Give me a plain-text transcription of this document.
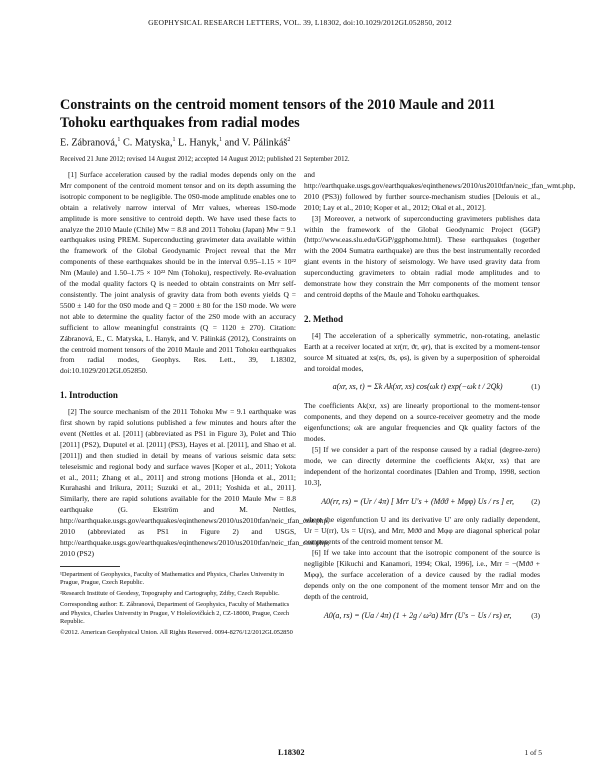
GEOPHYSICAL RESEARCH LETTERS, VOL. 39, L18302, doi:10.1029/2012GL052850, 2012
Constraints on the centroid moment tensors of the 2010 Maule and 2011 Tohoku earthquakes from radial modes
E. Zábranová,$^1$ C. Matyska,$^1$ L. Hanyk,$^1$ and V. Pálinkáš$^2$
Received 21 June 2012; revised 14 August 2012; accepted 14 August 2012; published 21 September 2012.

[1] Surface acceleration caused by the radial modes depends only on the Mrr component of the centroid moment tensor and on its depth assuming the isotropic component to be negligible. The 0S0-mode amplitude enables one to obtain a relatively narrow interval of Mrr values, whereas 1S0-mode amplitude is more sensitive to centroid depth. We have used these facts to analyze the 2010 Maule (Chile) Mw = 8.8 and 2011 Tohoku (Japan) Mw = 9.1 earthquakes using PREM. Superconducting gravimeter data available within the framework of the Global Geodynamic Project reveal that the Mrr components of these earthquakes should be in the interval 0.95–1.15 × 10²² Nm (Maule) and 1.50–1.75 × 10²² Nm (Tohoku), respectively. Re-evaluation of the modal quality factors Q is needed to obtain constraints on Mrr self-consistently. The joint analysis of gravity data from both events yields Q = 5500 ± 140 for the 0S0 mode and Q = 2000 ± 80 for the 1S0 mode. We were not able to determine the quality factor of the 2S0 mode with an accuracy sufficient to allow meaningful constraints (Q = 1120 ± 270). Citation: Zábranová, E., C. Matyska, L. Hanyk, and V. Pálinkáš (2012), Constraints on the centroid moment tensors of the 2010 Maule and 2011 Tohoku earthquakes from radial modes, Geophys. Res. Lett., 39, L18302, doi:10.1029/2012GL052850.

1. Introduction

[2] The source mechanism of the 2011 Tohoku Mw = 9.1 earthquake was first shown by rapid solutions published a few minutes and hours after the event (Nettles et al. [2011] (abbreviated as PS1 in Figure 3), Polet and Thio [2011] (PS2), Duputel et al. [2011] (PS3), Hayes et al. [2011], and Shao et al. [2011]) and then studied in detail by means of various seismic data sets: teleseismic and regional body and surface waves [Koper et al., 2011; Yokota et al., 2011; Zhang et al., 2011] and strong motions [Honda et al., 2011; Kurahashi and Irikura, 2011; Suzuki et al., 2011; Yoshida et al., 2011]. Similarly, there are rapid solutions available for the 2010 Maule Mw = 8.8 earthquake (G. Ekström and M. Nettles, http://earthquake.usgs.gov/earthquakes/eqinthenews/2010/us2010tfan/neic_tfan_cmt.php, 2010 (abbreviated as PS1 in Figure 2) and USGS, http://earthquake.usgs.gov/earthquakes/eqinthenews/2010/us2010tfan/neic_tfan_cmt.php, 2010 (PS2)

¹Department of Geophysics, Faculty of Mathematics and Physics, Charles University in Prague, Prague, Czech Republic.

²Research Institute of Geodesy, Topography and Cartography, Zdiby, Czech Republic.

Corresponding author: E. Zábranová, Department of Geophysics, Faculty of Mathematics and Physics, Charles University in Prague, V Holešovičkách 2, CZ-18000, Prague, Czech Republic.

©2012. American Geophysical Union. All Rights Reserved. 0094-8276/12/2012GL052850

and http://earthquake.usgs.gov/earthquakes/eqinthenews/2010/us2010tfan/neic_tfan_wmt.php, 2010 (PS3)) followed by further source-mechanism studies [Delouis et al., 2010; Lay et al., 2010; Koper et al., 2012; Okal et al., 2012].

[3] Moreover, a network of superconducting gravimeters publishes data within the framework of the Global Geodynamic Project (GGP) (http://www.eas.slu.edu/GGP/ggphome.html). These earthquakes (together with the 2004 Sumatra earthquake) are thus the best instrumentally recorded giant events in the history of seismology. We have used gravity data from superconducting gravimeters to obtain radial mode amplitudes and to demonstrate how they constrain the Mrr components of the moment tensor and centroid depths of the Maule and Tohoku earthquakes.

2. Method

[4] The acceleration of a spherically symmetric, non-rotating, anelastic Earth at a receiver located at xr(rr, ϑr, φr), that is excited by a moment-tensor source M situated at xs(rs, ϑs, φs), is given by a superposition of spheroidal and toroidal modes,

a(xr, xs, t) = Σk Ak(xr, xs) cos(ωk t) exp(−ωk t / 2Qk)	(1)

The coefficients Ak(xr, xs) are linearly proportional to the moment-tensor components, and they depend on a source-receiver geometry and the mode eigenfunctions; ωk are angular frequencies and Qk quality factors of the modes.

[5] If we consider a part of the response caused by a radial (degree-zero) mode, we can directly determine the coefficients Ak(xr, xs) that are independent of the horizontal coordinates [Dahlen and Tromp, 1998, section 10.3],

A0(rr, rs) = (Ur / 4π) [ Mrr U′s + (Mϑϑ + Mφφ) Us / rs ] er,	(2)

where the eigenfunction U and its derivative U′ are only radially dependent, Ur = U(rr), Us = U(rs), and Mrr, Mϑϑ and Mφφ are diagonal spherical polar components of the centroid moment tensor M.

[6] If we take into account that the isotropic component of the source is negligible [Kikuchi and Kanamori, 1994; Okal, 1996], i.e., Mrr = −(Mϑϑ + Mφφ), the surface acceleration of a device caused by the radial modes depends only on the one component of the moment tensor Mrr and on the depth of the centroid,

A0(a, rs) = (Ua / 4π) (1 + 2g / ω²a) Mrr (U′s − Us / rs) er,	(3)
L18302	1 of 5
